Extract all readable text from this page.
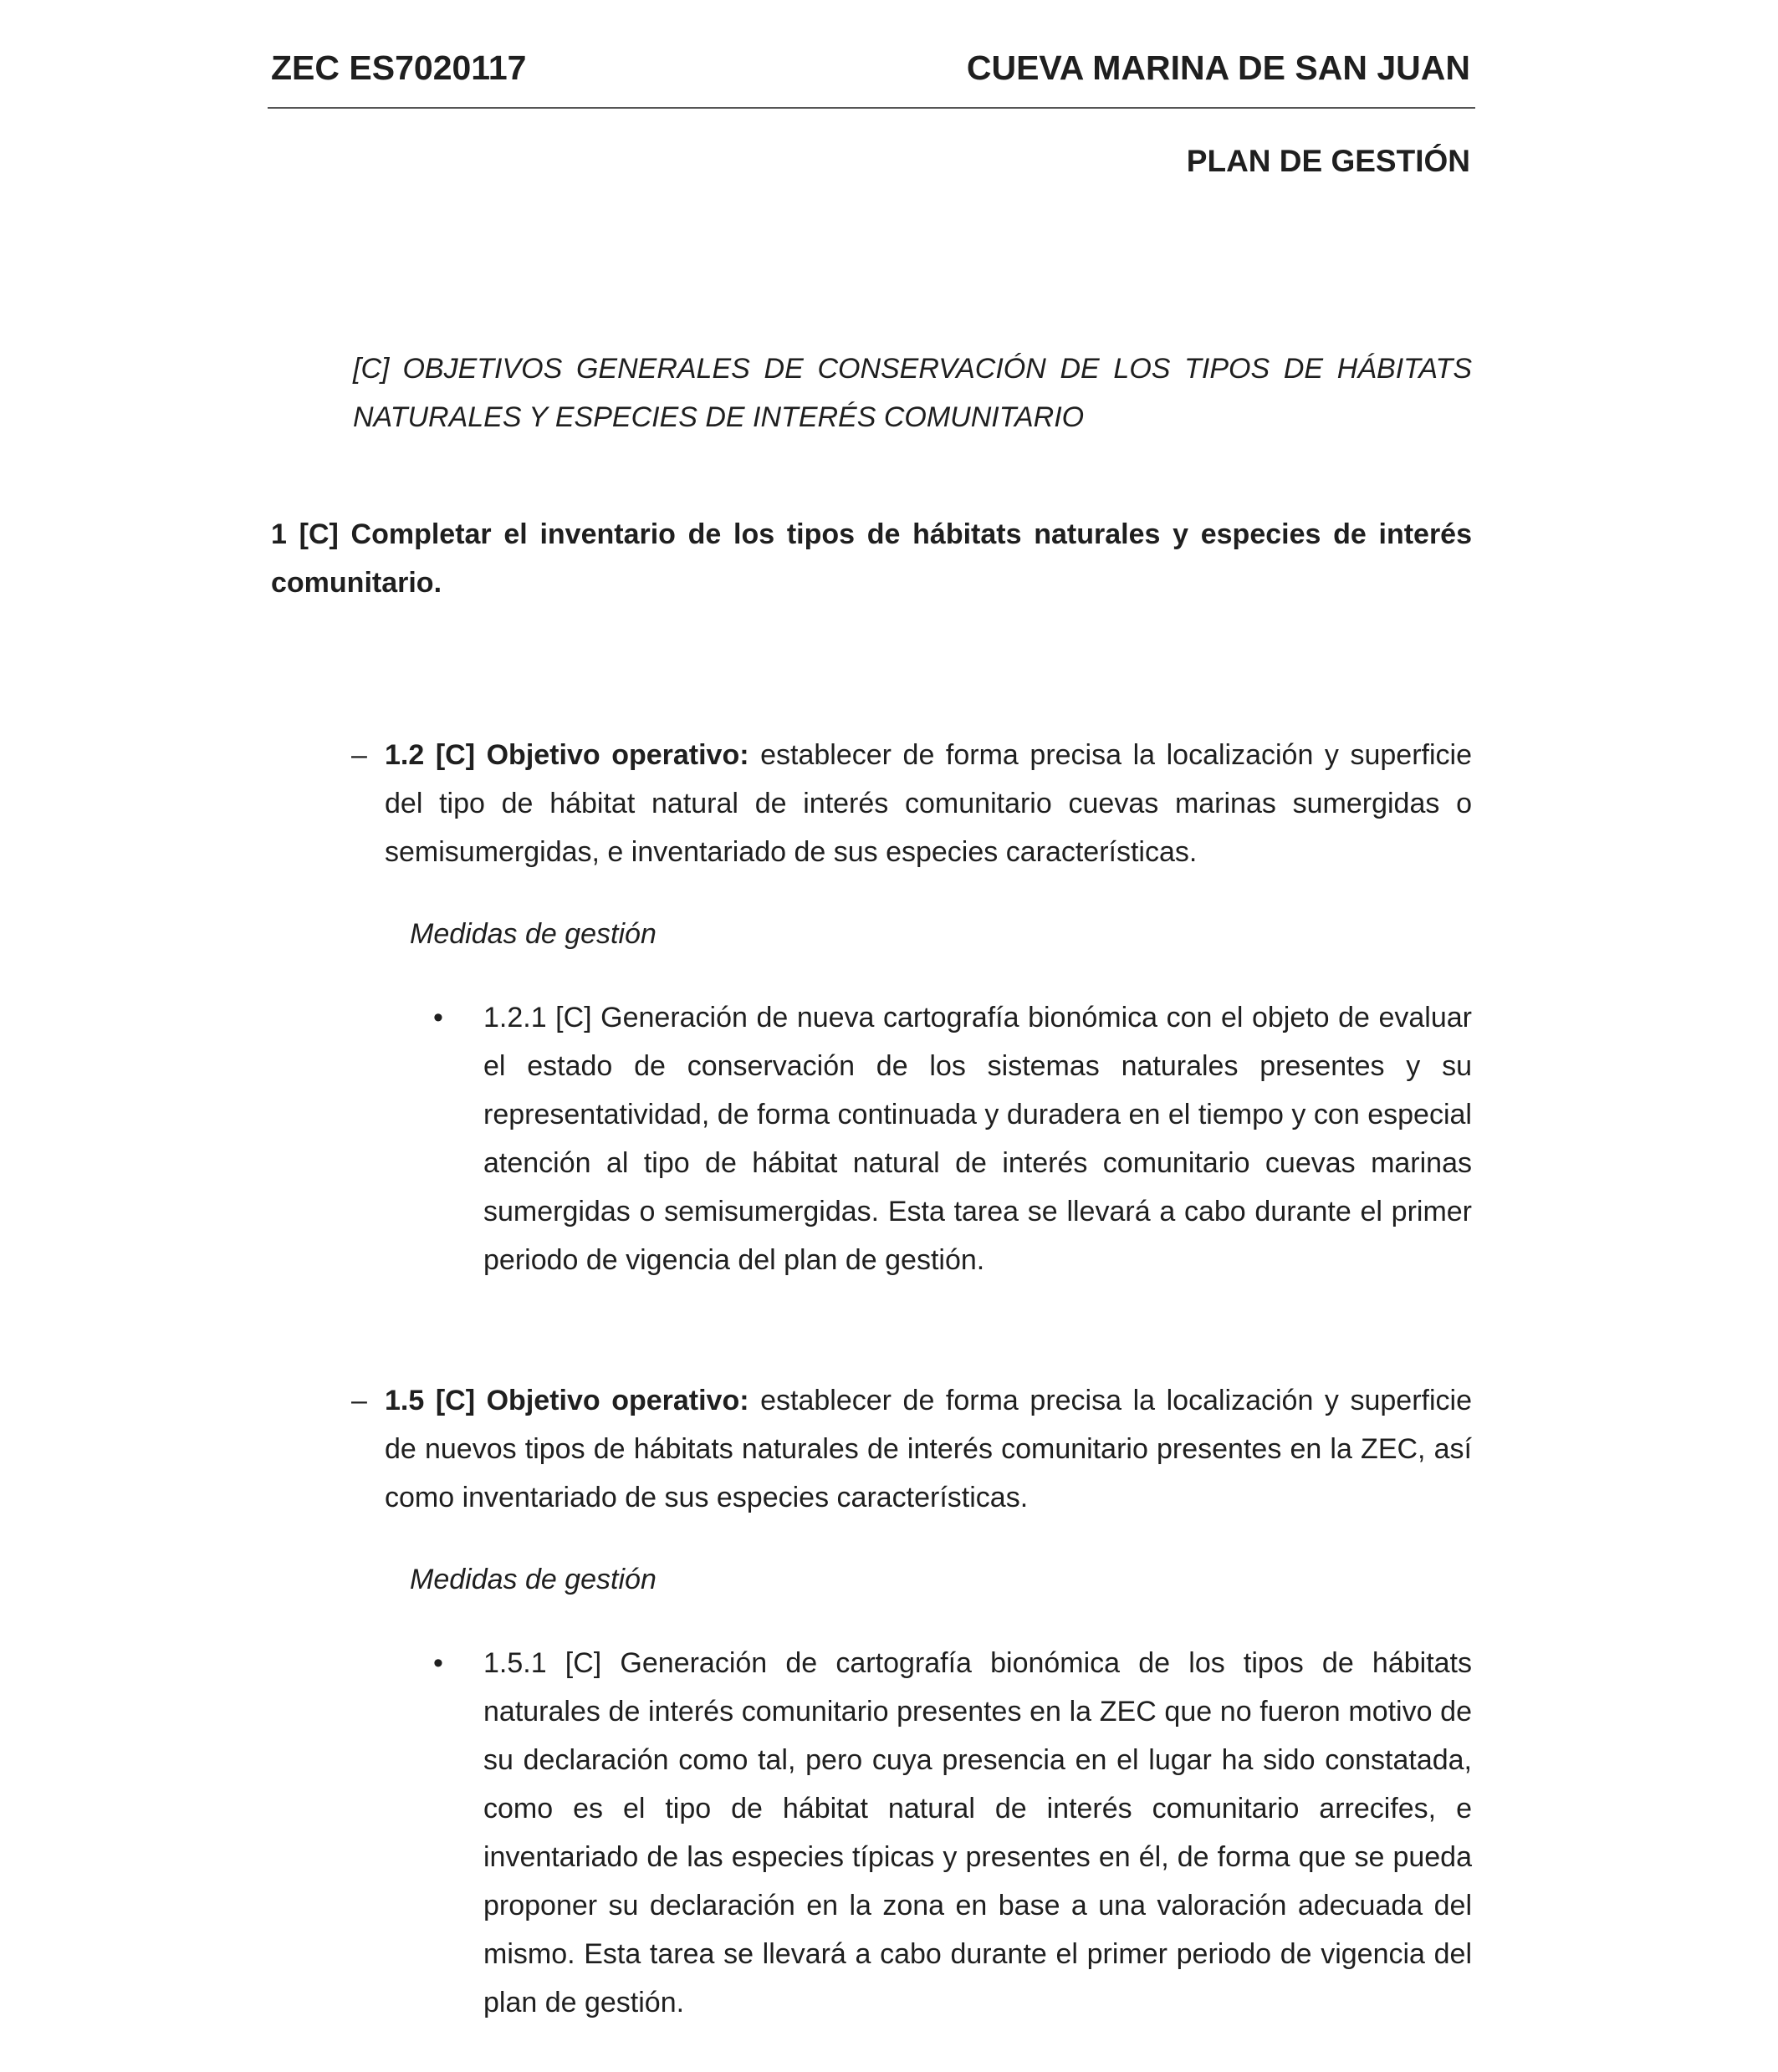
ZEC ES7020117	CUEVA MARINA DE SAN JUAN
PLAN DE GESTIÓN
[C] OBJETIVOS GENERALES DE CONSERVACIÓN DE LOS TIPOS DE HÁBITATS NATURALES Y ESPECIES DE INTERÉS COMUNITARIO
1 [C] Completar el inventario de los tipos de hábitats naturales y especies de interés comunitario.
– 1.2 [C] Objetivo operativo: establecer de forma precisa la localización y superficie del tipo de hábitat natural de interés comunitario cuevas marinas sumergidas o semisumergidas, e inventariado de sus especies características.
Medidas de gestión
• 1.2.1 [C] Generación de nueva cartografía bionómica con el objeto de evaluar el estado de conservación de los sistemas naturales presentes y su representatividad, de forma continuada y duradera en el tiempo y con especial atención al tipo de hábitat natural de interés comunitario cuevas marinas sumergidas o semisumergidas. Esta tarea se llevará a cabo durante el primer periodo de vigencia del plan de gestión.
– 1.5 [C] Objetivo operativo: establecer de forma precisa la localización y superficie de nuevos tipos de hábitats naturales de interés comunitario presentes en la ZEC, así como inventariado de sus especies características.
Medidas de gestión
• 1.5.1 [C] Generación de cartografía bionómica de los tipos de hábitats naturales de interés comunitario presentes en la ZEC que no fueron motivo de su declaración como tal, pero cuya presencia en el lugar ha sido constatada, como es el tipo de hábitat natural de interés comunitario arrecifes, e inventariado de las especies típicas y presentes en él, de forma que se pueda proponer su declaración en la zona en base a una valoración adecuada del mismo. Esta tarea se llevará a cabo durante el primer periodo de vigencia del plan de gestión.
